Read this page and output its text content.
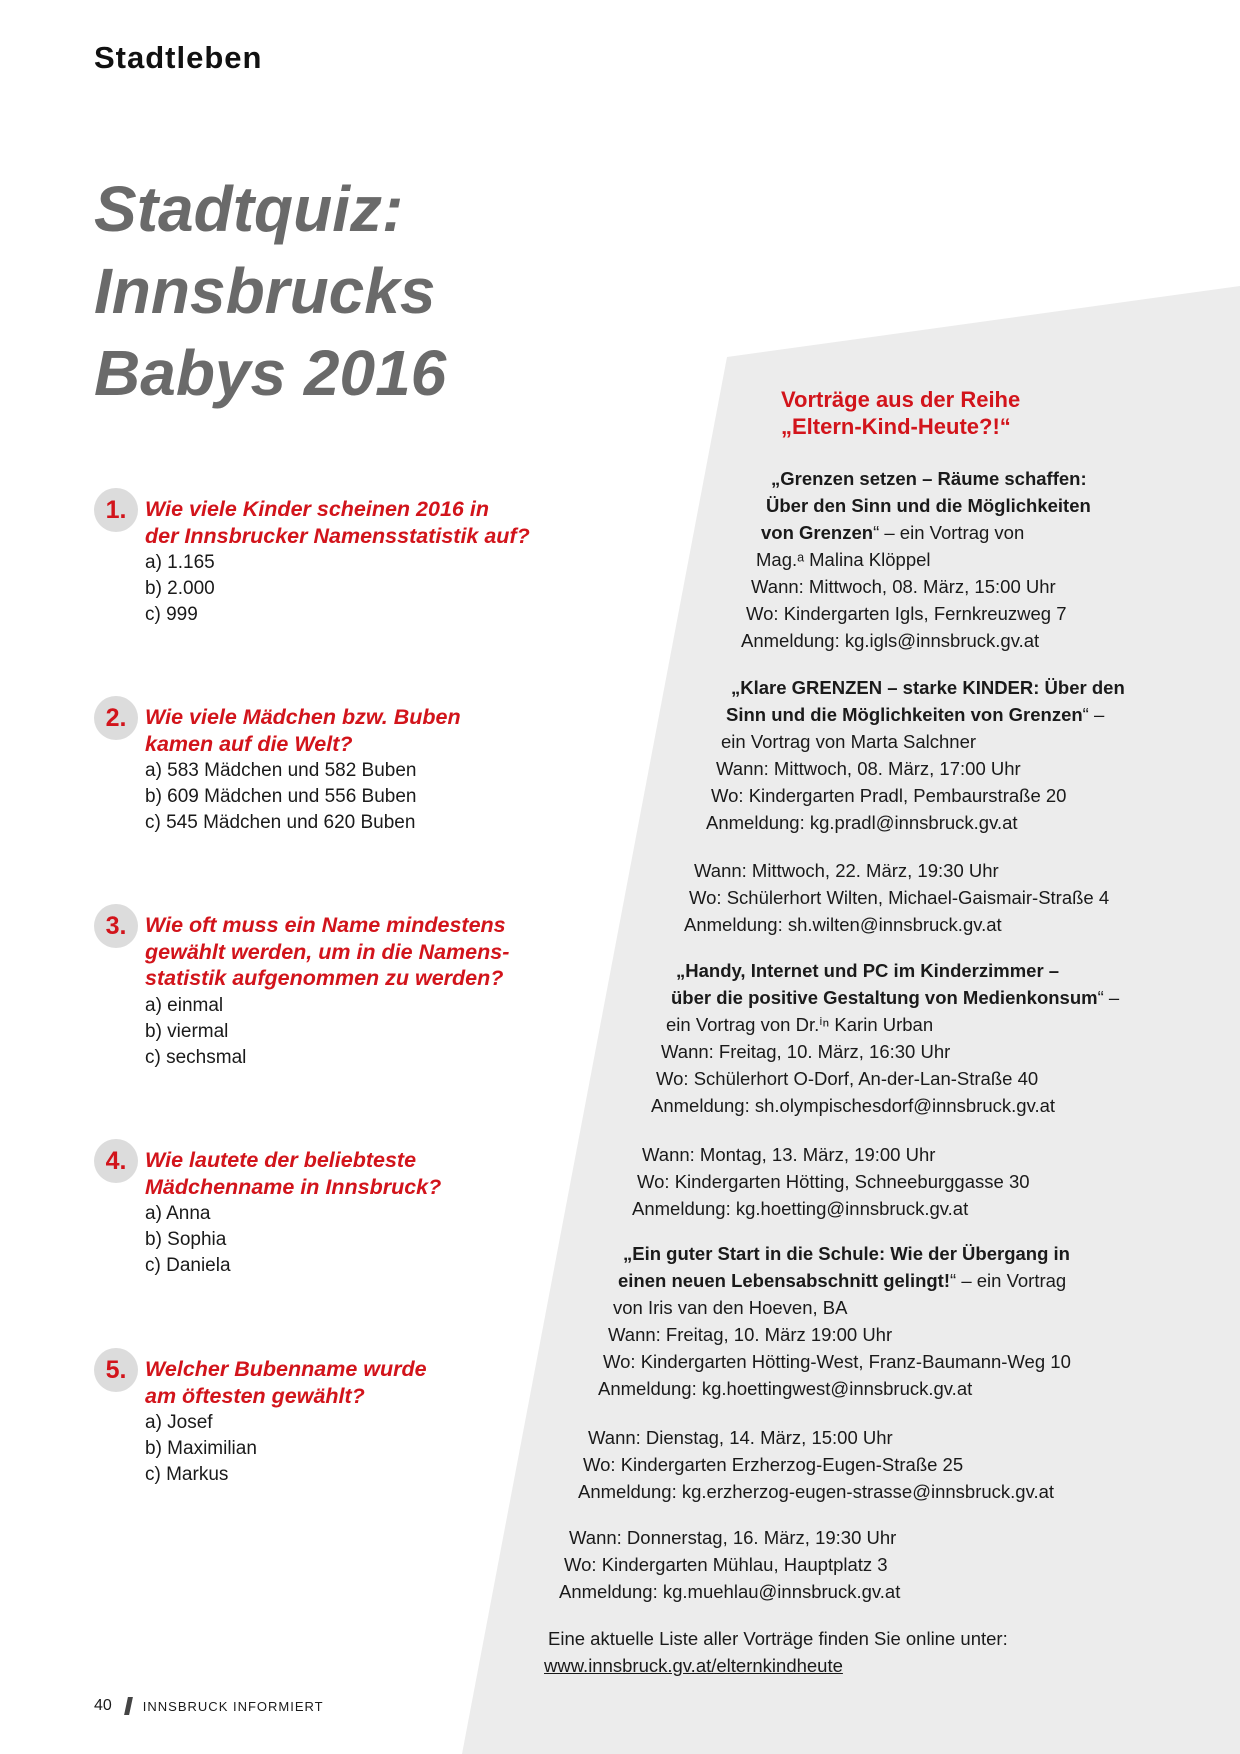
Stadtleben
Stadtquiz:
Innsbrucks
Babys 2016
1. Wie viele Kinder scheinen 2016 in
der Innsbrucker Namensstatistik auf?
a) 1.165
b) 2.000
c) 999
2. Wie viele Mädchen bzw. Buben
kamen auf die Welt?
a) 583 Mädchen und 582 Buben
b) 609 Mädchen und 556 Buben
c) 545 Mädchen und 620 Buben
3. Wie oft muss ein Name mindestens
gewählt werden, um in die Namens-
statistik aufgenommen zu werden?
a) einmal
b) viermal
c) sechsmal
4. Wie lautete der beliebteste
Mädchenname in Innsbruck?
a) Anna
b) Sophia
c) Daniela
5. Welcher Bubenname wurde
am öftesten gewählt?
a) Josef
b) Maximilian
c) Markus
Vorträge aus der Reihe
„Eltern-Kind-Heute?!“
„Grenzen setzen – Räume schaffen:
Über den Sinn und die Möglichkeiten
von Grenzen“ – ein Vortrag von
Mag.ᵃ Malina Klöppel
Wann: Mittwoch, 08. März, 15:00 Uhr
Wo: Kindergarten Igls, Fernkreuzweg 7
Anmeldung: kg.igls@innsbruck.gv.at
„Klare GRENZEN – starke KINDER: Über den
Sinn und die Möglichkeiten von Grenzen“ –
ein Vortrag von Marta Salchner
Wann: Mittwoch, 08. März, 17:00 Uhr
Wo: Kindergarten Pradl, Pembaurstraße 20
Anmeldung: kg.pradl@innsbruck.gv.at
Wann: Mittwoch, 22. März, 19:30 Uhr
Wo: Schülerhort Wilten, Michael-Gaismair-Straße 4
Anmeldung: sh.wilten@innsbruck.gv.at
„Handy, Internet und PC im Kinderzimmer –
über die positive Gestaltung von Medienkonsum“ –
ein Vortrag von Dr.ⁱⁿ Karin Urban
Wann: Freitag, 10. März, 16:30 Uhr
Wo: Schülerhort O-Dorf, An-der-Lan-Straße 40
Anmeldung: sh.olympischesdorf@innsbruck.gv.at
Wann: Montag, 13. März, 19:00 Uhr
Wo: Kindergarten Hötting, Schneeburggasse 30
Anmeldung: kg.hoetting@innsbruck.gv.at
„Ein guter Start in die Schule: Wie der Übergang in
einen neuen Lebensabschnitt gelingt!“ – ein Vortrag
von Iris van den Hoeven, BA
Wann: Freitag, 10. März 19:00 Uhr
Wo: Kindergarten Hötting-West, Franz-Baumann-Weg 10
Anmeldung: kg.hoettingwest@innsbruck.gv.at
Wann: Dienstag, 14. März, 15:00 Uhr
Wo: Kindergarten Erzherzog-Eugen-Straße 25
Anmeldung: kg.erzherzog-eugen-strasse@innsbruck.gv.at
Wann: Donnerstag, 16. März, 19:30 Uhr
Wo: Kindergarten Mühlau, Hauptplatz 3
Anmeldung: kg.muehlau@innsbruck.gv.at
Eine aktuelle Liste aller Vorträge finden Sie online unter:
www.innsbruck.gv.at/elternkindheute
40 INNSBRUCK INFORMIERT
